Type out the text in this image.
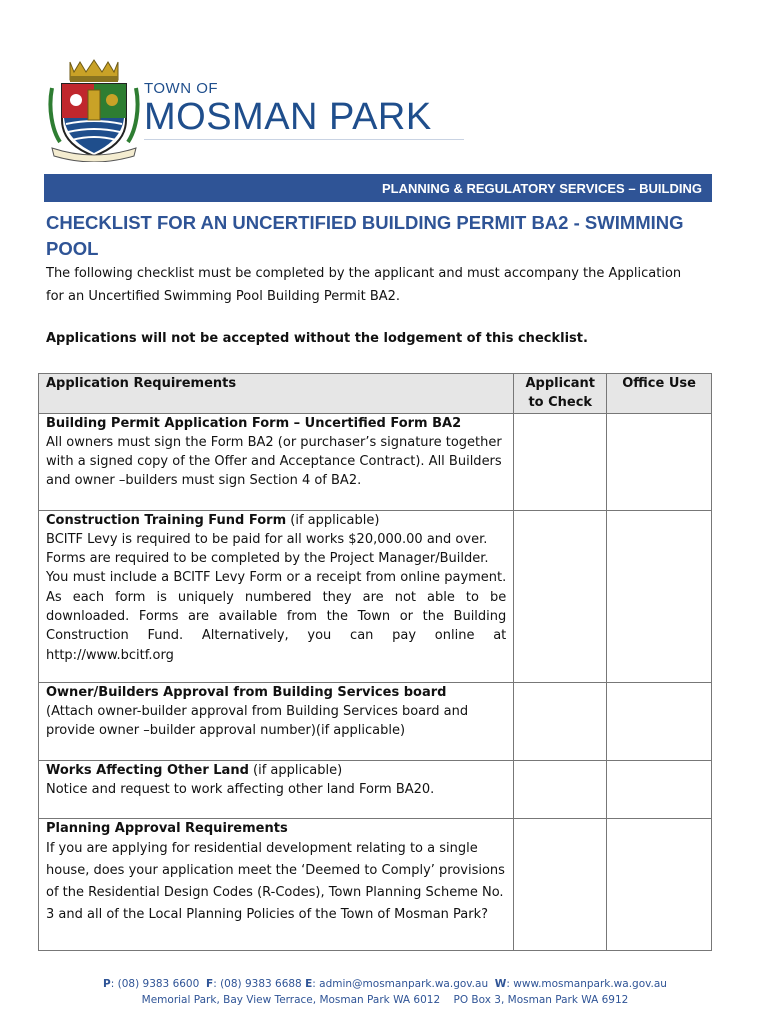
TOWN OF
MOSMAN PARK
PLANNING & REGULATORY SERVICES – BUILDING
CHECKLIST FOR AN UNCERTIFIED BUILDING PERMIT BA2 - SWIMMING POOL
The following checklist must be completed by the applicant and must accompany the Application for an Uncertified Swimming Pool Building Permit BA2.
Applications will not be accepted without the lodgement of this checklist.
Application Requirements	Applicant to Check	Office Use
Building Permit Application Form – Uncertified Form BA2
All owners must sign the Form BA2 (or purchaser’s signature together with a signed copy of the Offer and Acceptance Contract). All Builders and owner –builders must sign Section 4 of BA2.		

Construction Training Fund Form (if applicable)
BCITF Levy is required to be paid for all works $20,000.00 and over. Forms are required to be completed by the Project Manager/Builder.
You must include a BCITF Levy Form or a receipt from online payment. As each form is uniquely numbered they are not able to be downloaded. Forms are available from the Town or the Building Construction Fund. Alternatively, you can pay online at http://www.bcitf.org		

Owner/Builders Approval from Building Services board
(Attach owner-builder approval from Building Services board and provide owner –builder approval number)(if applicable)		

Works Affecting Other Land (if applicable)
Notice and request to work affecting other land Form BA20.		

Planning Approval Requirements
If you are applying for residential development relating to a single house, does your application meet the ‘Deemed to Comply’ provisions of the Residential Design Codes (R-Codes), Town Planning Scheme No. 3 and all of the Local Planning Policies of the Town of Mosman Park?		

P: (08) 9383 6600 F: (08) 9383 6688 E: admin@mosmanpark.wa.gov.au W: www.mosmanpark.wa.gov.au
Memorial Park, Bay View Terrace, Mosman Park WA 6012 PO Box 3, Mosman Park WA 6912
